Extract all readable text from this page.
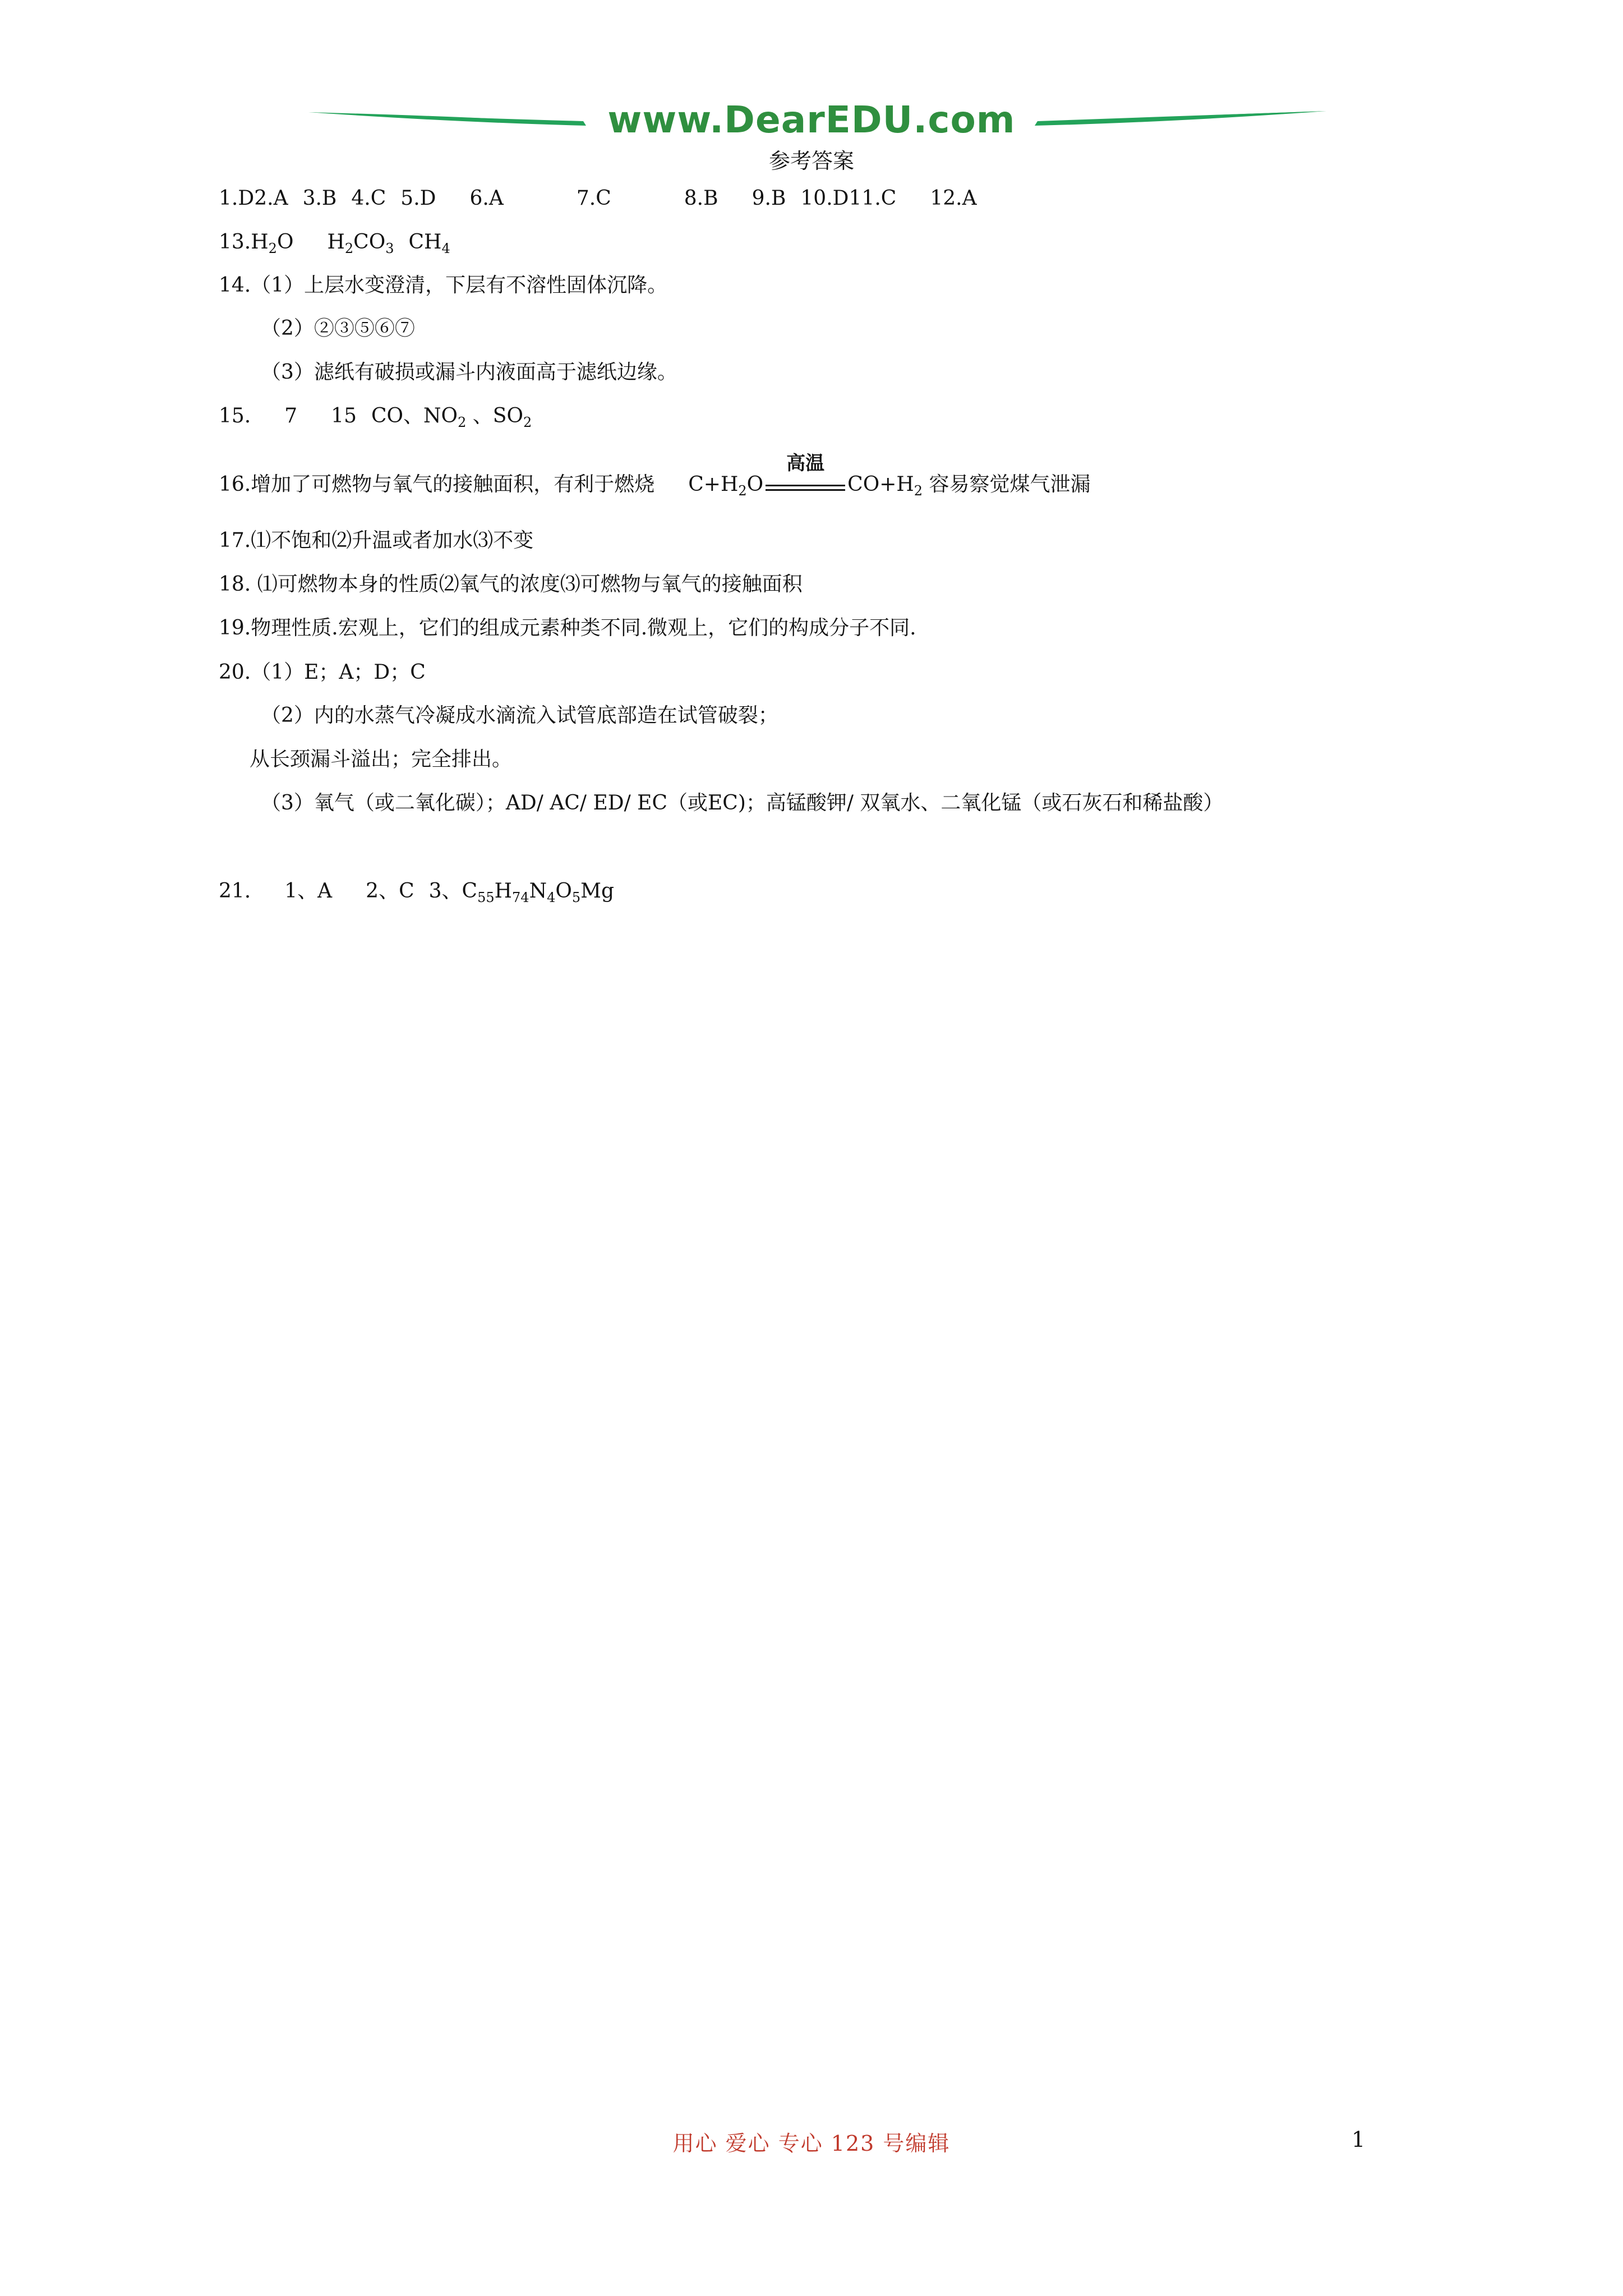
www.DearEDU.com
参考答案
1.D2.A 3.B 4.C 5.D 6.A	7.C	8.B 9.B 10.D11.C 12.A
$13.H_2O$ $H_2CO_3$ $CH_4$
14.（1）上层水变澄清，下层有不溶性固体沉降。
（2）②③⑤⑥⑦
（3）滤纸有破损或漏斗内液面高于滤纸边缘。
15. 7 15 CO、$NO_2$ 、$SO_2$
16.增加了可燃物与氧气的接触面积，有利于燃烧 $C+H_2O$
高温
$CO+H_2$ 容易察觉煤气泄漏
17.⑴不饱和⑵升温或者加水⑶不变
18. ⑴可燃物本身的性质⑵氧气的浓度⑶可燃物与氧气的接触面积
19.物理性质.宏观上，它们的组成元素种类不同.微观上，它们的构成分子不同.
20.（1）E；A；D；C
（2）内的水蒸气冷凝成水滴流入试管底部造在试管破裂；
从长颈漏斗溢出；完全排出。
（3）氧气（或二氧化碳）；AD/ AC/ ED/ EC（或EC)；高锰酸钾/ 双氧水、二氧化锰（或石灰石和稀盐酸）
21. 1、A 2、C 3、$C_{55}H_{74}N_4O_5Mg$
用心 爱心 专心 123 号编辑	1
